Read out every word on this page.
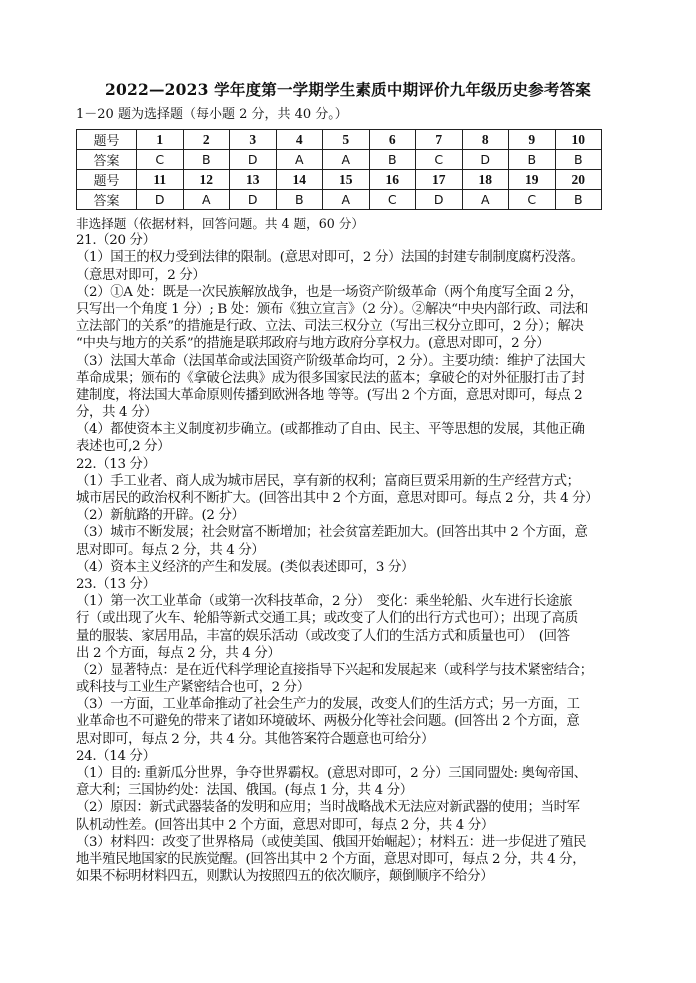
2022—2023 学年度第一学期学生素质中期评价九年级历史参考答案
1－20 题为选择题（每小题 2 分，共 40 分。）
题号	1	2	3	4	5	6	7	8	9	10
答案	C	B	D	A	A	B	C	D	B	B
题号	11	12	13	14	15	16	17	18	19	20
答案	D	A	D	B	A	C	D	A	C	B
非选择题（依据材料，回答问题。共 4 题，60 分）
21.（20 分）
（1）国王的权力受到法律的限制。(意思对即可，2 分）法国的封建专制制度腐朽没落。
（意思对即可，2 分）
（2）①A 处：既是一次民族解放战争，也是一场资产阶级革命（两个角度写全面 2 分，
只写出一个角度 1 分）; B 处：颁布《独立宣言》（2 分）。②解决“中央内部行政、司法和
立法部门的关系”的措施是行政、立法、司法三权分立（写出三权分立即可，2 分）；解决
“中央与地方的关系”的措施是联邦政府与地方政府分享权力。(意思对即可，2 分）
（3）法国大革命（法国革命或法国资产阶级革命均可，2 分）。主要功绩：维护了法国大
革命成果；颁布的《拿破仑法典》成为很多国家民法的蓝本；拿破仑的对外征服打击了封
建制度，将法国大革命原则传播到欧洲各地 等等。(写出 2 个方面，意思对即可，每点 2
分，共 4 分）
（4）都使资本主义制度初步确立。(或都推动了自由、民主、平等思想的发展，其他正确
表述也可,2 分）
22.（13 分）
（1）手工业者、商人成为城市居民，享有新的权利；富商巨贾采用新的生产经营方式；
城市居民的政治权利不断扩大。(回答出其中 2 个方面，意思对即可。每点 2 分，共 4 分）
（2）新航路的开辟。(2 分）
（3）城市不断发展；社会财富不断增加；社会贫富差距加大。(回答出其中 2 个方面，意
思对即可。每点 2 分，共 4 分）
（4）资本主义经济的产生和发展。(类似表述即可，3 分）
23.（13 分）
（1）第一次工业革命（或第一次科技革命，2 分）　变化：乘坐轮船、火车进行长途旅
行（或出现了火车、轮船等新式交通工具；或改变了人们的出行方式也可）；出现了高质
量的服装、家居用品，丰富的娱乐活动（或改变了人们的生活方式和质量也可）　(回答
出 2 个方面，每点 2 分，共 4 分）
（2）显著特点：是在近代科学理论直接指导下兴起和发展起来（或科学与技术紧密结合；
或科技与工业生产紧密结合也可，2 分）
（3）一方面，工业革命推动了社会生产力的发展，改变人们的生活方式；另一方面，工
业革命也不可避免的带来了诸如环境破坏、两极分化等社会问题。(回答出 2 个方面，意
思对即可，每点 2 分，共 4 分。其他答案符合题意也可给分）
24.（14 分）
（1）目的: 重新瓜分世界，争夺世界霸权。(意思对即可，2 分）三国同盟处: 奥匈帝国、
意大利；三国协约处：法国、俄国。(每点 1 分，共 4 分）
（2）原因：新式武器装备的发明和应用；当时战略战术无法应对新武器的使用；当时军
队机动性差。(回答出其中 2 个方面，意思对即可，每点 2 分，共 4 分）
（3）材料四：改变了世界格局（或使美国、俄国开始崛起）；材料五：进一步促进了殖民
地半殖民地国家的民族觉醒。(回答出其中 2 个方面，意思对即可，每点 2 分，共 4 分，
如果不标明材料四五，则默认为按照四五的依次顺序，颠倒顺序不给分）
